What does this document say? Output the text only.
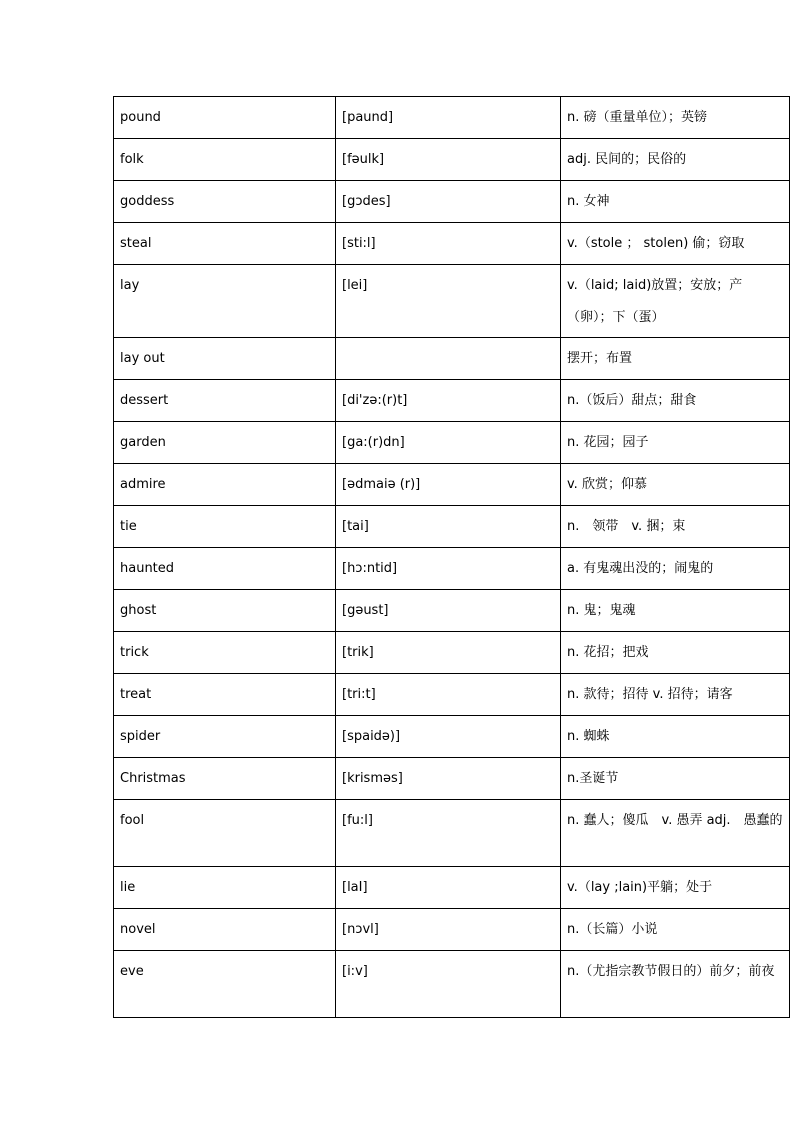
pound	[paund]	n. 磅（重量单位）；英镑
folk	[fəulk]	adj. 民间的；民俗的
goddess	[gɔdes]	n. 女神
steal	[sti:l]	v.（stole ； stolen) 偷；窃取
lay	[lei]	v.（laid; laid)放置；安放；产（卵）；下（蛋）
lay out		摆开；布置
dessert	[di'zə:(r)t]	n.（饭后）甜点；甜食
garden	[ga:(r)dn]	n. 花园；园子
admire	[ədmaiə (r)]	v. 欣赏；仰慕
tie	[tai]	n.　领带　v. 捆；束
haunted	[hɔ:ntid]	a. 有鬼魂出没的；闹鬼的
ghost	[gəust]	n. 鬼；鬼魂
trick	[trik]	n. 花招；把戏
treat	[tri:t]	n. 款待；招待 v. 招待；请客
spider	[spaidə)]	n. 蜘蛛
Christmas	[krisməs]	n.圣诞节
fool	[fu:l]	n. 蠢人；傻瓜　v. 愚弄 adj.　愚蠢的
lie	[laI]	v.（lay ;lain)平躺；处于
novel	[nɔvl]	n.（长篇）小说
eve	[i:v]	n.（尤指宗教节假日的）前夕；前夜
